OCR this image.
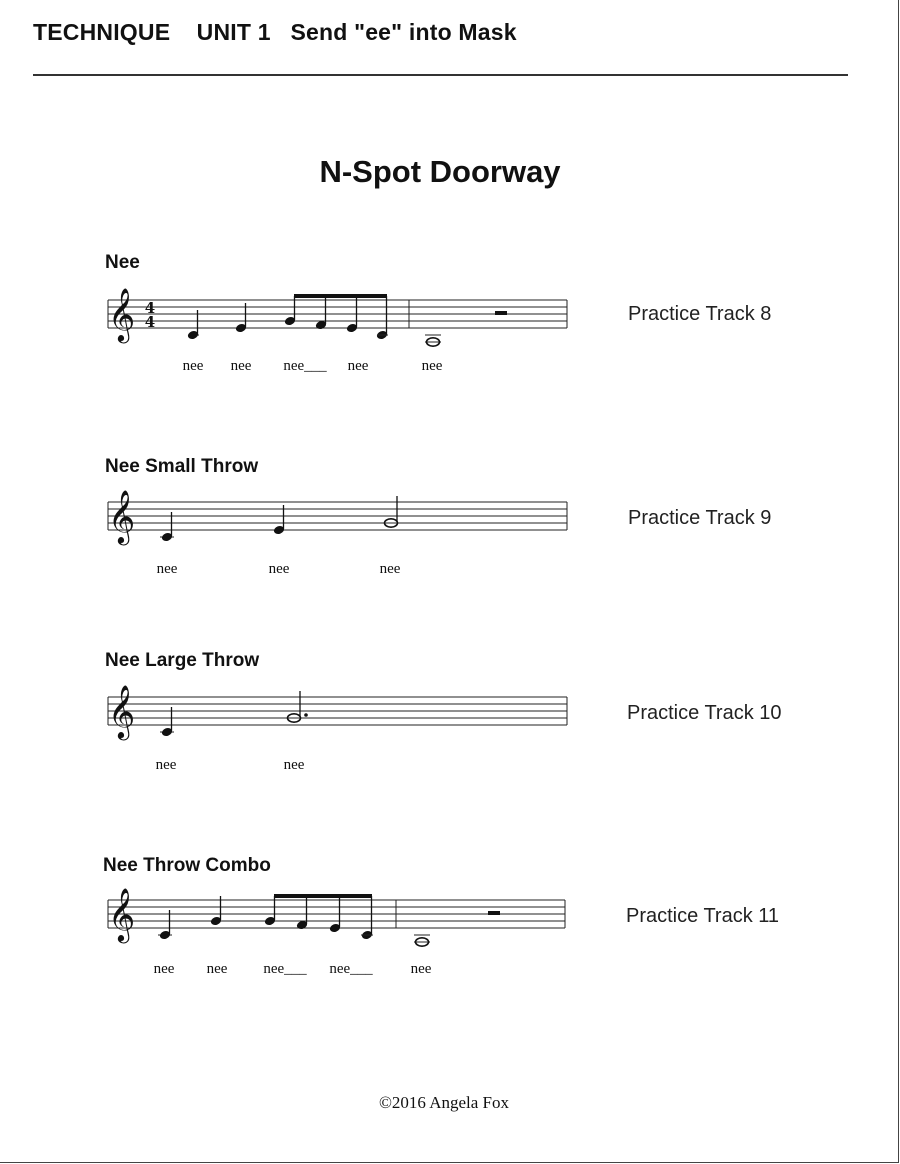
TECHNIQUE UNIT 1 Send "ee" into Mask
N-Spot Doorway
Nee
Practice Track 8
𝄞 4
4
nee nee nee___ nee	nee
Nee Small Throw
Practice Track 9
𝄞
nee	nee	nee
Nee Large Throw
Practice Track 10
𝄞
nee	nee
Nee Throw Combo
Practice Track 11
𝄞
nee nee nee___ nee___	nee
©2016 Angela Fox
